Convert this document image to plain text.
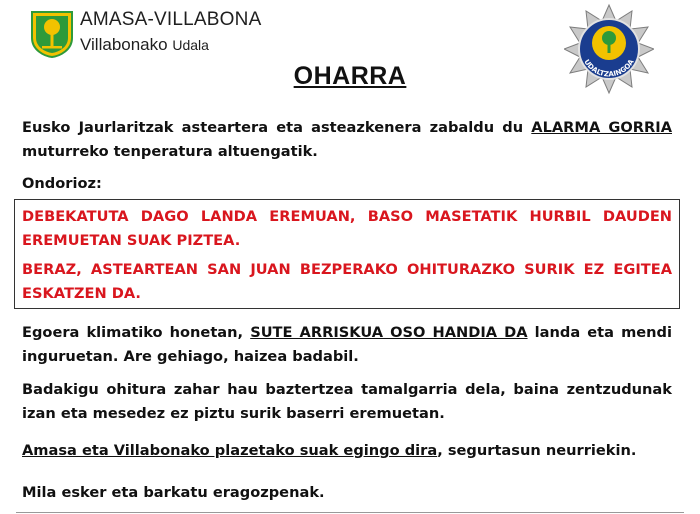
AMASA-VILLABONA
Villabonako Udala
UDALTZAINGOA
OHARRA

Eusko Jaurlaritzak asteartera eta asteazkenera zabaldu du ALARMA GORRIA muturreko tenperatura altuengatik.

Ondorioz:

DEBEKATUTA DAGO LANDA EREMUAN, BASO MASETATIK HURBIL DAUDEN EREMUETAN SUAK PIZTEA.

BERAZ, ASTEARTEAN SAN JUAN BEZPERAKO OHITURAZKO SURIK EZ EGITEA ESKATZEN DA.

Egoera klimatiko honetan, SUTE ARRISKUA OSO HANDIA DA landa eta mendi inguruetan. Are gehiago, haizea badabil.

Badakigu ohitura zahar hau baztertzea tamalgarria dela, baina zentzudunak izan eta mesedez ez piztu surik baserri eremuetan.

Amasa eta Villabonako plazetako suak egingo dira, segurtasun neurriekin.

Mila esker eta barkatu eragozpenak.
